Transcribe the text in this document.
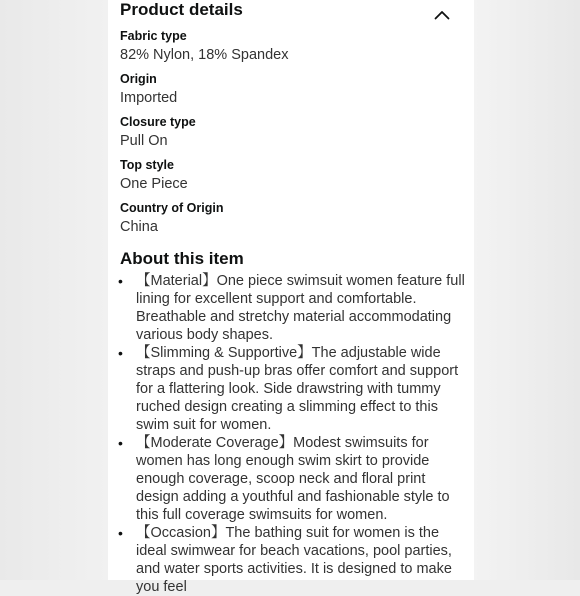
Product details
Fabric type
82% Nylon, 18% Spandex
Origin
Imported
Closure type
Pull On
Top style
One Piece
Country of Origin
China
About this item
• 【Material】One piece swimsuit women feature full lining for excellent support and comfortable. Breathable and stretchy material accommodating various body shapes.
• 【Slimming & Supportive】The adjustable wide straps and push-up bras offer comfort and support for a flattering look. Side drawstring with tummy ruched design creating a slimming effect to this swim suit for women.
• 【Moderate Coverage】Modest swimsuits for women has long enough swim skirt to provide enough coverage, scoop neck and floral print design adding a youthful and fashionable style to this full coverage swimsuits for women.
• 【Occasion】The bathing suit for women is the ideal swimwear for beach vacations, pool parties, and water sports activities. It is designed to make you feel
